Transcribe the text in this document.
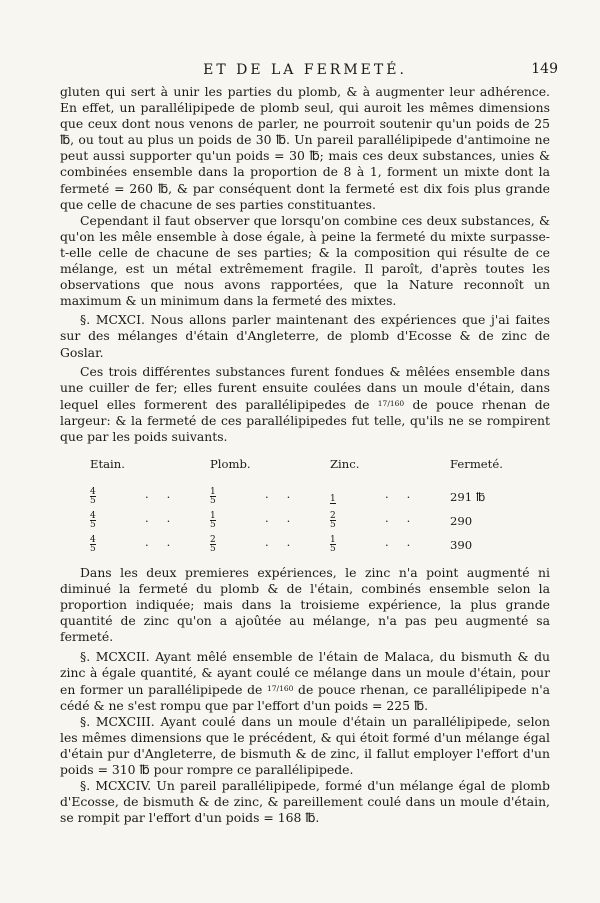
ET DE LA FERMETÉ.	149

gluten qui sert à unir les parties du plomb, & à augmenter leur adhérence. En effet, un parallélipipede de plomb seul, qui auroit les mêmes dimensions que ceux dont nous venons de parler, ne pourroit soutenir qu'un poids de 25 ℔, ou tout au plus un poids de 30 ℔. Un pareil parallélipipede d'antimoine ne peut aussi supporter qu'un poids = 30 ℔; mais ces deux substances, unies & combinées ensemble dans la proportion de 8 à 1, forment un mixte dont la fermeté = 260 ℔, & par conséquent dont la fermeté est dix fois plus grande que celle de chacune de ses parties constituantes.

Cependant il faut observer que lorsqu'on combine ces deux substances, & qu'on les mêle ensemble à dose égale, à peine la fermeté du mixte surpasse-t-elle celle de chacune de ses parties; & la composition qui résulte de ce mélange, est un métal extrêmement fragile. Il paroît, d'après toutes les observations que nous avons rapportées, que la Nature reconnoît un maximum & un minimum dans la fermeté des mixtes.

§. MCXCI. Nous allons parler maintenant des expériences que j'ai faites sur des mélanges d'étain d'Angleterre, de plomb d'Ecosse & de zinc de Goslar.

Ces trois différentes substances furent fondues & mêlées ensemble dans une cuiller de fer; elles furent ensuite coulées dans un moule d'étain, dans lequel elles formerent des parallélipipedes de $^{17/160}$ de pouce rhenan de largeur: & la fermeté de ces parallélipipedes fut telle, qu'ils ne se rompirent que par les poids suivants.

Etain.		Plomb.		Zinc.		Fermeté.

$\frac{4}{5}$	··	$\frac{1}{5}$	··	1	··	291 ℔

$\frac{4}{5}$	··	$\frac{1}{5}$	··	$\frac{2}{5}$	··	290

$\frac{4}{5}$	··	$\frac{2}{5}$	··	$\frac{1}{5}$	··	390

Dans les deux premieres expériences, le zinc n'a point augmenté ni diminué la fermeté du plomb & de l'étain, combinés ensemble selon la proportion indiquée; mais dans la troisieme expérience, la plus grande quantité de zinc qu'on a ajoûtée au mélange, n'a pas peu augmenté sa fermeté.

§. MCXCII. Ayant mêlé ensemble de l'étain de Malaca, du bismuth & du zinc à égale quantité, & ayant coulé ce mélange dans un moule d'étain, pour en former un parallélipipede de $^{17/160}$ de pouce rhenan, ce parallélipipede n'a cédé & ne s'est rompu que par l'effort d'un poids = 225 ℔.

§. MCXCIII. Ayant coulé dans un moule d'étain un parallélipipede, selon les mêmes dimensions que le précédent, & qui étoit formé d'un mélange égal d'étain pur d'Angleterre, de bismuth & de zinc, il fallut employer l'effort d'un poids = 310 ℔ pour rompre ce parallélipipede.

§. MCXCIV. Un pareil parallélipipede, formé d'un mélange égal de plomb d'Ecosse, de bismuth & de zinc, & pareillement coulé dans un moule d'étain, se rompit par l'effort d'un poids = 168 ℔.
